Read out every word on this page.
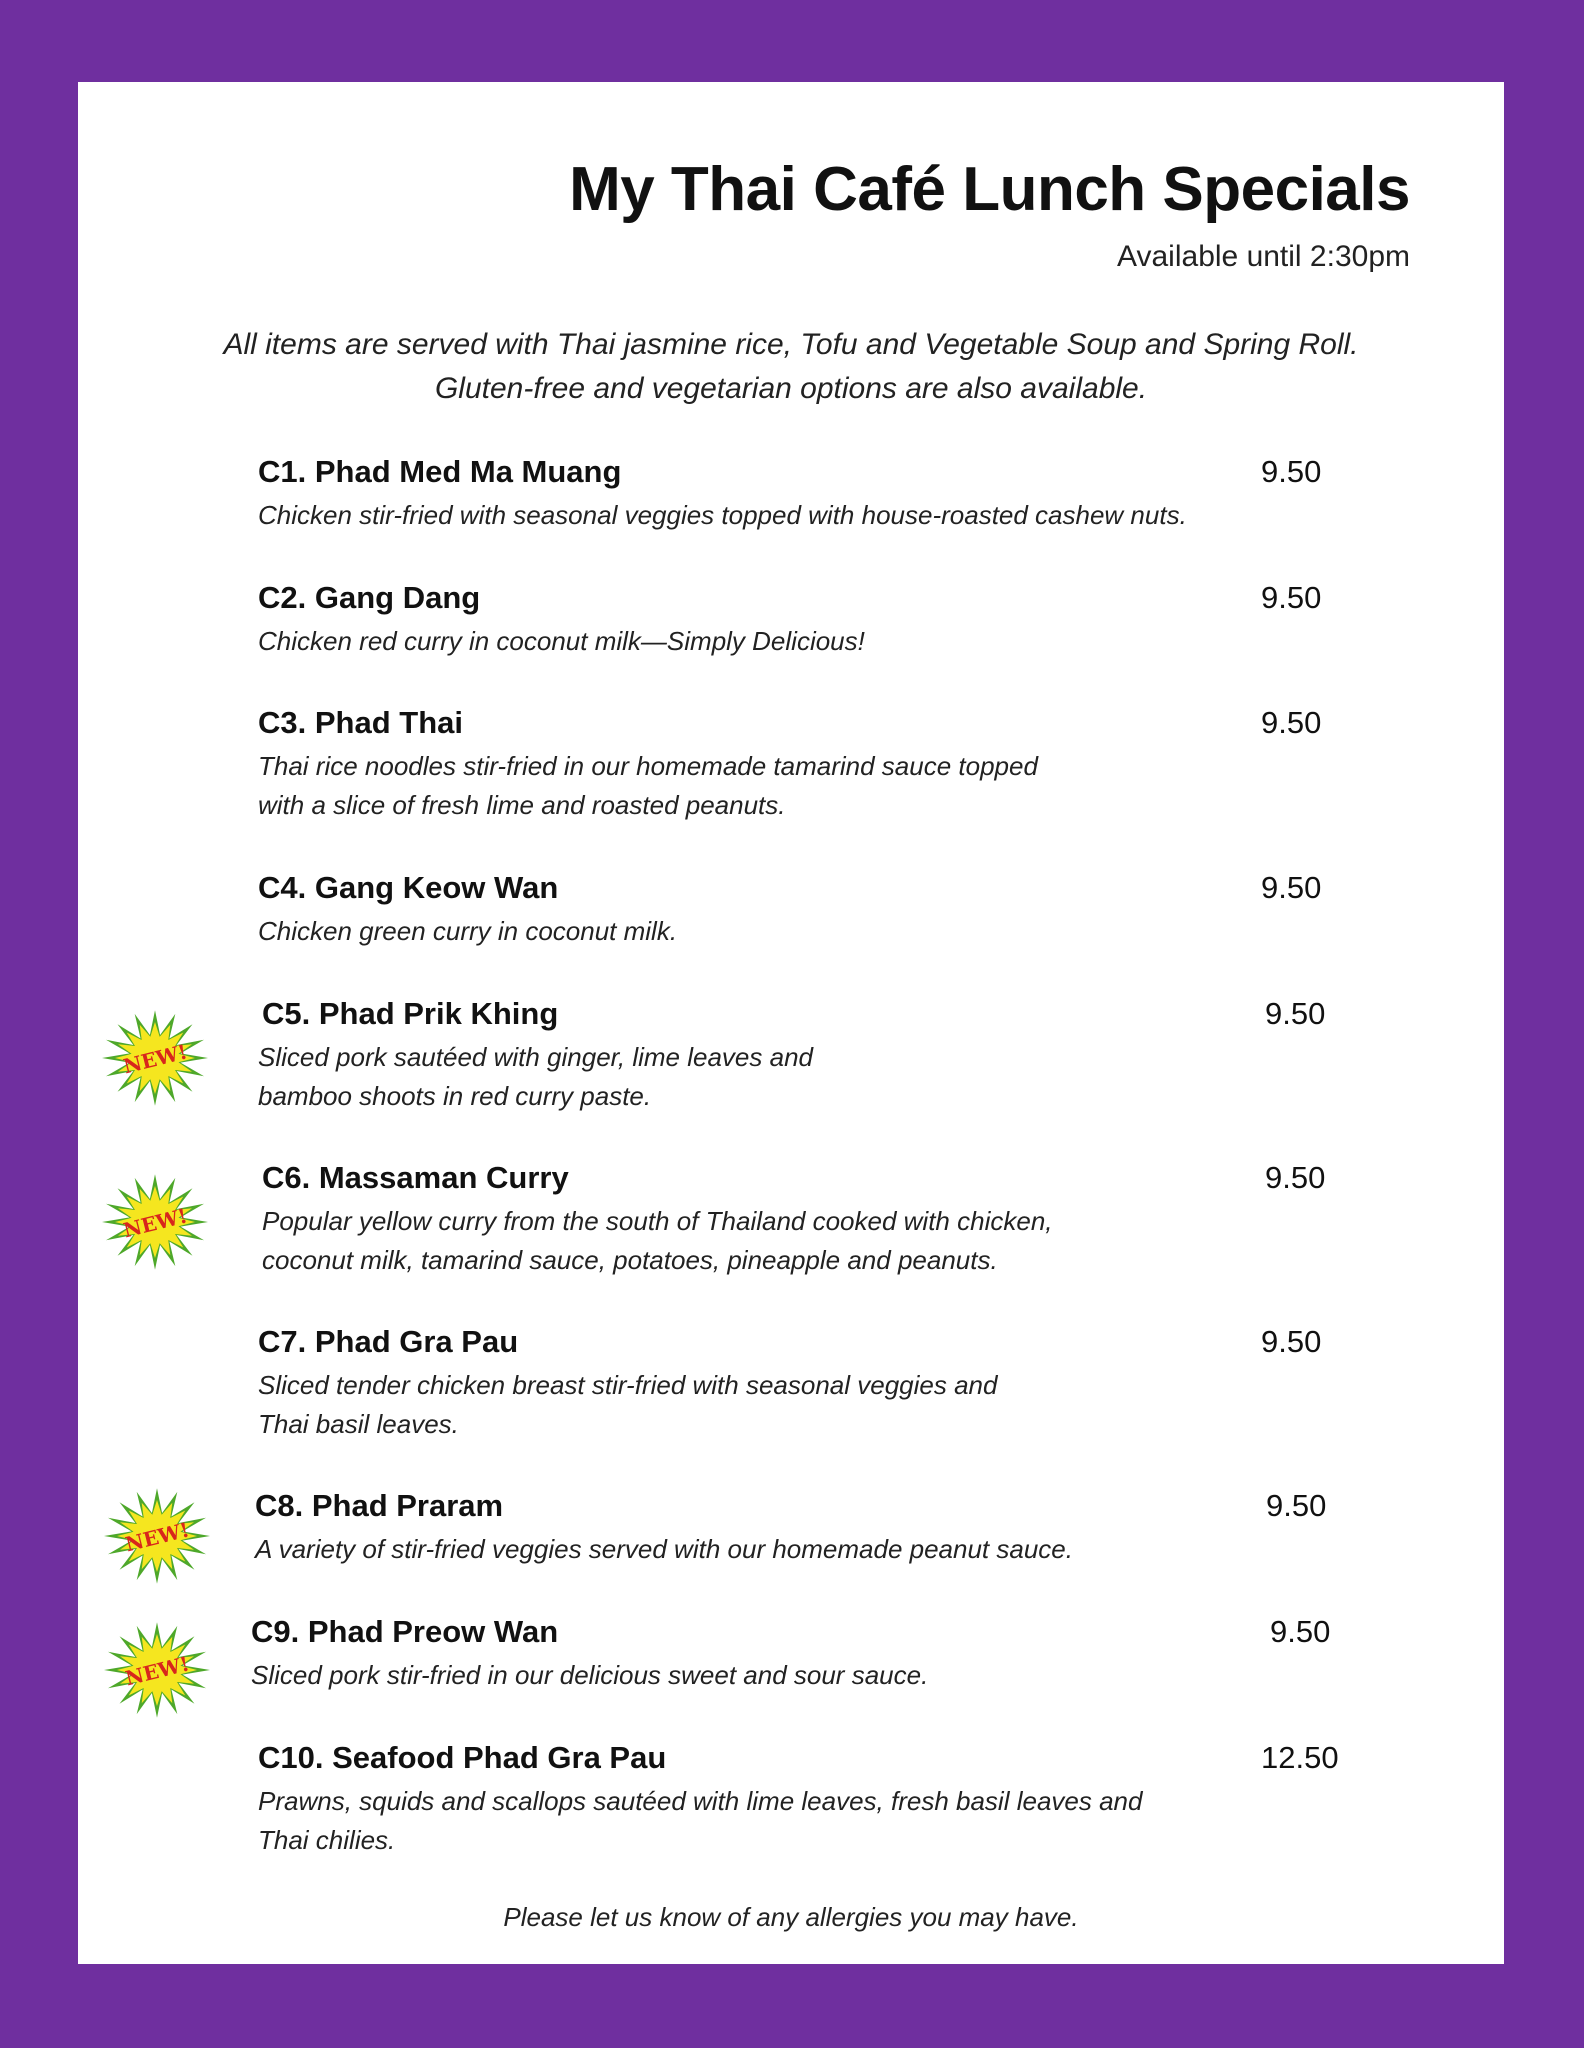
My Thai Café Lunch Specials
Available until 2:30pm
All items are served with Thai jasmine rice, Tofu and Vegetable Soup and Spring Roll.
Gluten-free and vegetarian options are also available.
C1. Phad Med Ma Muang	9.50
Chicken stir-fried with seasonal veggies topped with house-roasted cashew nuts.
C2. Gang Dang	9.50
Chicken red curry in coconut milk—Simply Delicious!
C3. Phad Thai	9.50
Thai rice noodles stir-fried in our homemade tamarind sauce topped
with a slice of fresh lime and roasted peanuts.
C4. Gang Keow Wan	9.50
Chicken green curry in coconut milk.
NEW!
C5. Phad Prik Khing	9.50
Sliced pork sautéed with ginger, lime leaves and
bamboo shoots in red curry paste.
NEW!
C6. Massaman Curry	9.50
Popular yellow curry from the south of Thailand cooked with chicken,
coconut milk, tamarind sauce, potatoes, pineapple and peanuts.
C7. Phad Gra Pau	9.50
Sliced tender chicken breast stir-fried with seasonal veggies and
Thai basil leaves.
NEW!
C8. Phad Praram	9.50
A variety of stir-fried veggies served with our homemade peanut sauce.
NEW!
C9. Phad Preow Wan	9.50
Sliced pork stir-fried in our delicious sweet and sour sauce.
C10. Seafood Phad Gra Pau	12.50
Prawns, squids and scallops sautéed with lime leaves, fresh basil leaves and
Thai chilies.
Please let us know of any allergies you may have.
